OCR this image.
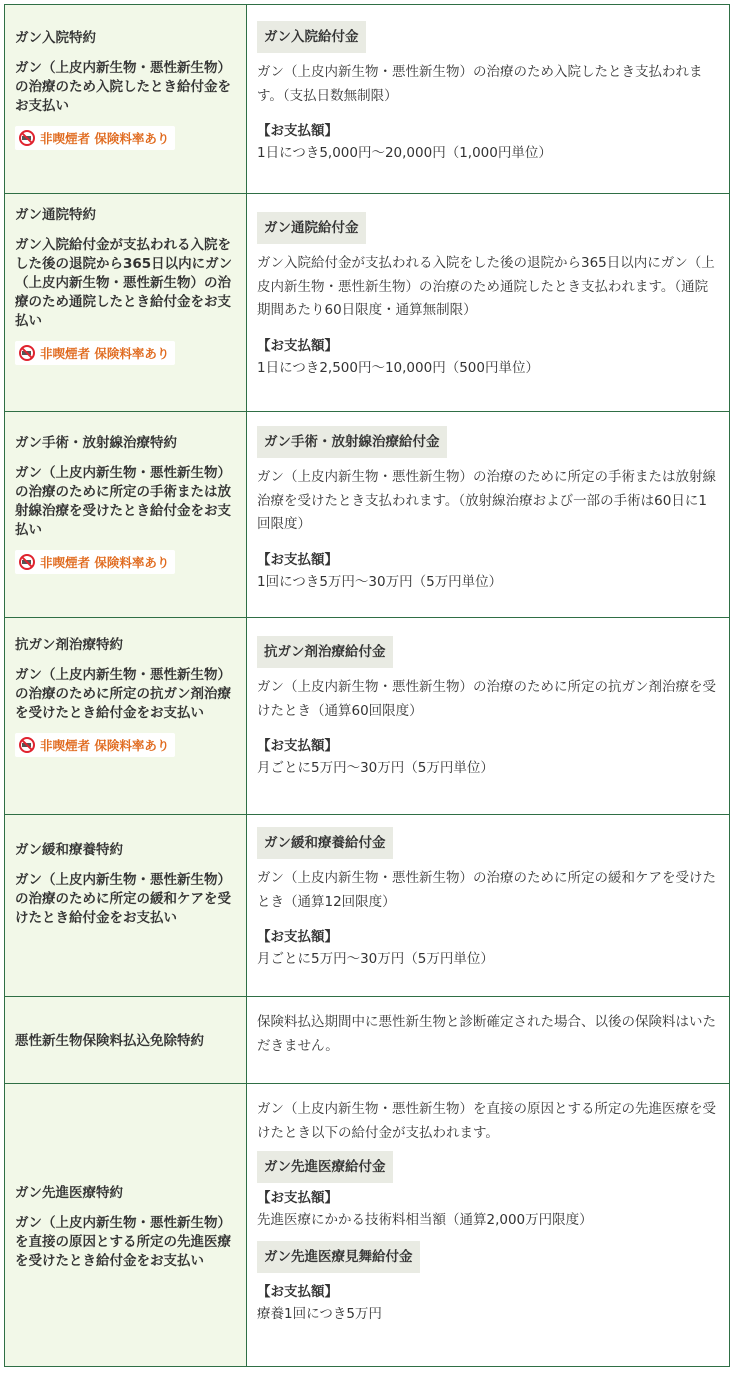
ガン入院特約
ガン（上皮内新生物・悪性新生物）の治療のため入院したとき給付金をお支払い
非喫煙者 保険料率あり
ガン入院給付金
ガン（上皮内新生物・悪性新生物）の治療のため入院したとき支払われます。（支払日数無制限）
【お支払額】
1日につき5,000円～20,000円（1,000円単位）
ガン通院特約
ガン入院給付金が支払われる入院をした後の退院から365日以内にガン（上皮内新生物・悪性新生物）の治療のため通院したとき給付金をお支払い
非喫煙者 保険料率あり
ガン通院給付金
ガン入院給付金が支払われる入院をした後の退院から365日以内にガン（上皮内新生物・悪性新生物）の治療のため通院したとき支払われます。（通院期間あたり60日限度・通算無制限）
【お支払額】
1日につき2,500円～10,000円（500円単位）
ガン手術・放射線治療特約
ガン（上皮内新生物・悪性新生物）の治療のために所定の手術または放射線治療を受けたとき給付金をお支払い
非喫煙者 保険料率あり
ガン手術・放射線治療給付金
ガン（上皮内新生物・悪性新生物）の治療のために所定の手術または放射線治療を受けたとき支払われます。（放射線治療および一部の手術は60日に1回限度）
【お支払額】
1回につき5万円～30万円（5万円単位）
抗ガン剤治療特約
ガン（上皮内新生物・悪性新生物）の治療のために所定の抗ガン剤治療を受けたとき給付金をお支払い
非喫煙者 保険料率あり
抗ガン剤治療給付金
ガン（上皮内新生物・悪性新生物）の治療のために所定の抗ガン剤治療を受けたとき（通算60回限度）
【お支払額】
月ごとに5万円～30万円（5万円単位）
ガン緩和療養特約
ガン（上皮内新生物・悪性新生物）の治療のために所定の緩和ケアを受けたとき給付金をお支払い
ガン緩和療養給付金
ガン（上皮内新生物・悪性新生物）の治療のために所定の緩和ケアを受けたとき（通算12回限度）
【お支払額】
月ごとに5万円～30万円（5万円単位）
悪性新生物保険料払込免除特約
保険料払込期間中に悪性新生物と診断確定された場合、以後の保険料はいただきません。
ガン先進医療特約
ガン（上皮内新生物・悪性新生物）を直接の原因とする所定の先進医療を受けたとき給付金をお支払い
ガン（上皮内新生物・悪性新生物）を直接の原因とする所定の先進医療を受けたとき以下の給付金が支払われます。
ガン先進医療給付金
【お支払額】
先進医療にかかる技術料相当額（通算2,000万円限度）
ガン先進医療見舞給付金
【お支払額】
療養1回につき5万円
